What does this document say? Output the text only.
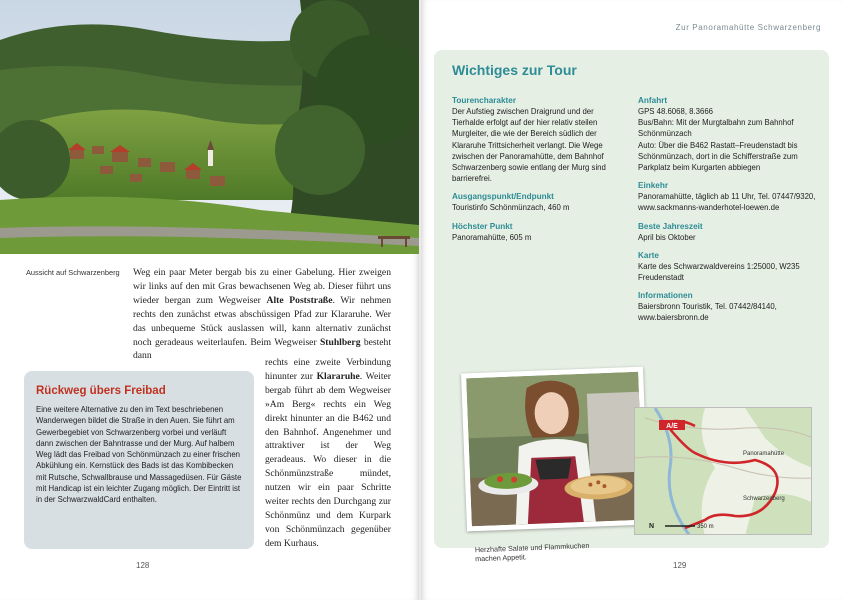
Aussicht auf Schwarzenberg	Weg ein paar Meter bergab bis zu einer Gabelung. Hier zweigen wir links auf den mit Gras bewachsenen Weg ab. Dieser führt uns wieder bergan zum Wegweiser Alte Poststraße. Wir nehmen rechts den zunächst etwas abschüssigen Pfad zur Klararuhe. Wer das unbequeme Stück auslassen will, kann alternativ zunächst noch geradeaus weiterlaufen. Beim Wegweiser Stuhlberg besteht dann

rechts eine zweite Verbindung hinunter zur Klararuhe. Weiter bergab führt ab dem Wegweiser »Am Berg« rechts ein Weg direkt hinunter an die B462 und den Bahnhof. Angenehmer und attraktiver ist der Weg geradeaus. Wo dieser in die Schönmünzstraße mündet, nutzen wir ein paar Schritte weiter rechts den Durchgang zur Schönmünz und dem Kurpark von Schönmünzach gegenüber dem Kurhaus.

Rückweg übers Freibad

Eine weitere Alternative zu den im Text beschriebenen Wanderwegen bildet die Straße in den Auen. Sie führt am Gewerbegebiet von Schwarzenberg vorbei und verläuft dann zwischen der Bahntrasse und der Murg. Auf halbem Weg lädt das Freibad von Schönmünzach zu einer frischen Abkühlung ein. Kernstück des Bads ist das Kombibecken mit Rutsche, Schwallbrause und Massagedüsen. Für Gäste mit Handicap ist ein leichter Zugang möglich. Der Eintritt ist in der SchwarzwaldCard enthalten.

128
Zur Panoramahütte Schwarzenberg
Wichtiges zur Tour
Tourencharakter

Der Aufstieg zwischen Draigrund und der Tierhalde erfolgt auf der hier relativ steilen Murgleiter, die wie der Bereich südlich der Klararuhe Trittsicherheit verlangt. Die Wege zwischen der Panoramahütte, dem Bahnhof Schwarzenberg sowie entlang der Murg sind barrierefrei.

Ausgangspunkt/Endpunkt

Touristinfo Schönmünzach, 460 m

Höchster Punkt

Panoramahütte, 605 m

Anfahrt

GPS 48.6068, 8.3666
Bus/Bahn: Mit der Murgtalbahn zum Bahnhof Schönmünzach
Auto: Über die B462 Rastatt–Freudenstadt bis Schönmünzach, dort in die Schifferstraße zum Parkplatz beim Kurgarten abbiegen

Einkehr

Panoramahütte, täglich ab 11 Uhr, Tel. 07447/9320, www.sackmanns-wanderhotel-loewen.de

Beste Jahreszeit

April bis Oktober

Karte

Karte des Schwarzwaldvereins 1:25000, W235 Freudenstadt

Informationen

Baiersbronn Touristik, Tel. 07442/84140, www.baiersbronn.de

Herzhafte Salate und Flammkuchen machen Appetit.
A/E
Panoramahütte
Schwarzenberg
350 m
N
129
